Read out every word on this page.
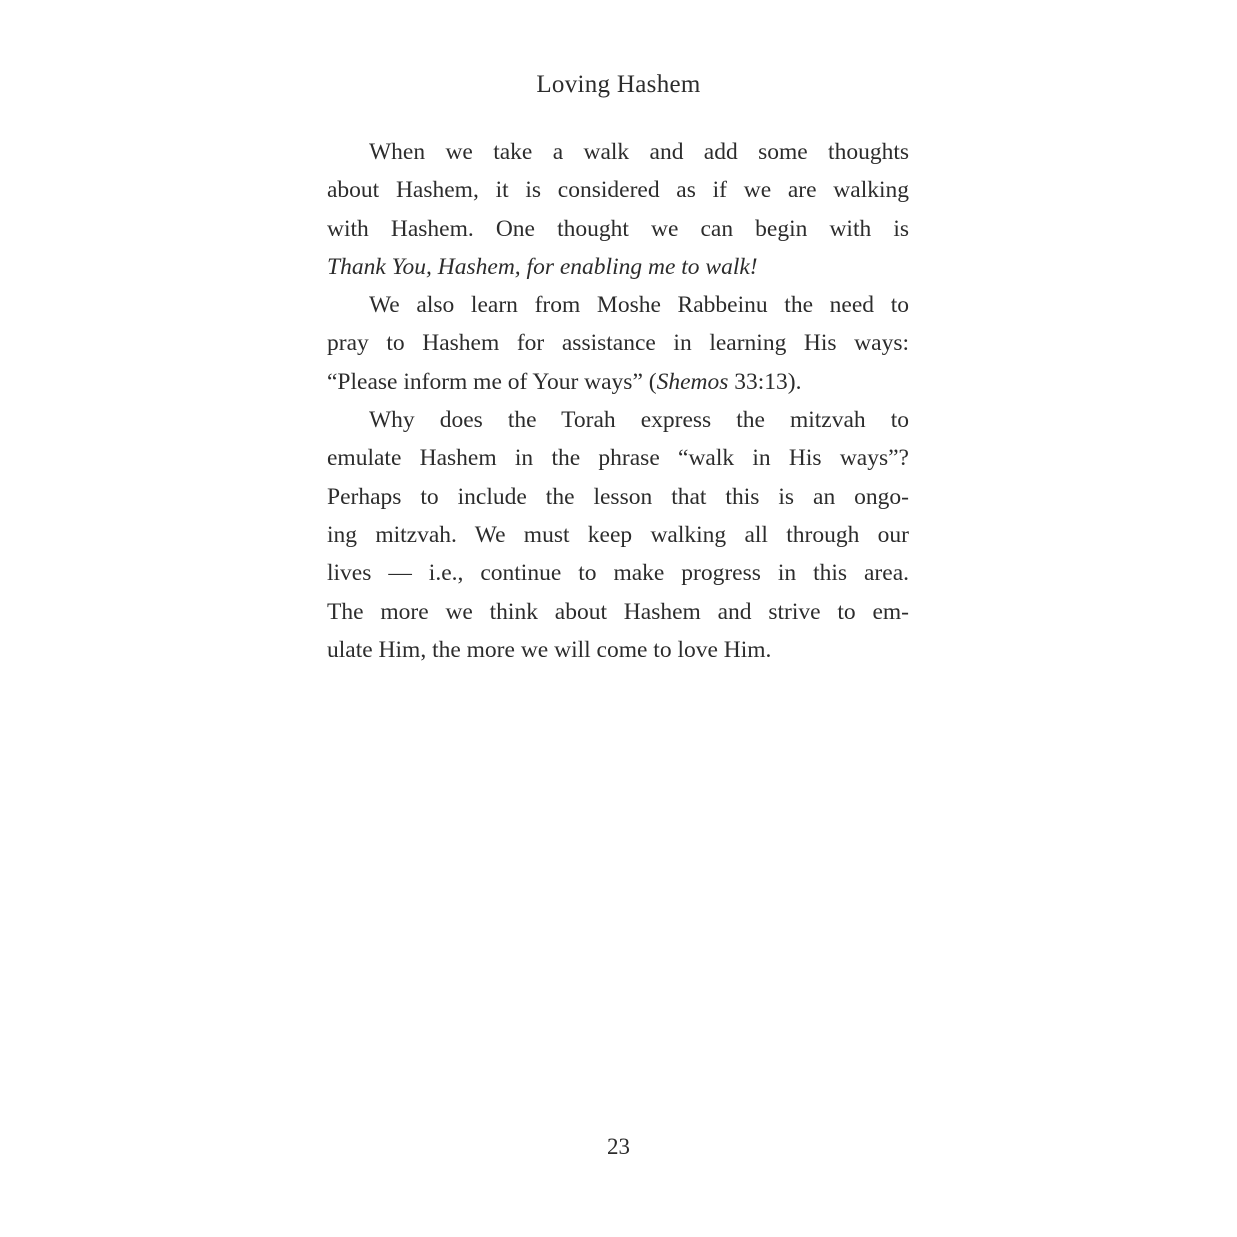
Loving Hashem
When we take a walk and add some thoughts
about Hashem, it is considered as if we are walking
with Hashem. One thought we can begin with is
Thank You, Hashem, for enabling me to walk!
We also learn from Moshe Rabbeinu the need to
pray to Hashem for assistance in learning His ways:
“Please inform me of Your ways” (Shemos 33:13).
Why does the Torah express the mitzvah to
emulate Hashem in the phrase “walk in His ways”?
Perhaps to include the lesson that this is an ongo-
ing mitzvah. We must keep walking all through our
lives — i.e., continue to make progress in this area.
The more we think about Hashem and strive to em-
ulate Him, the more we will come to love Him.
23
